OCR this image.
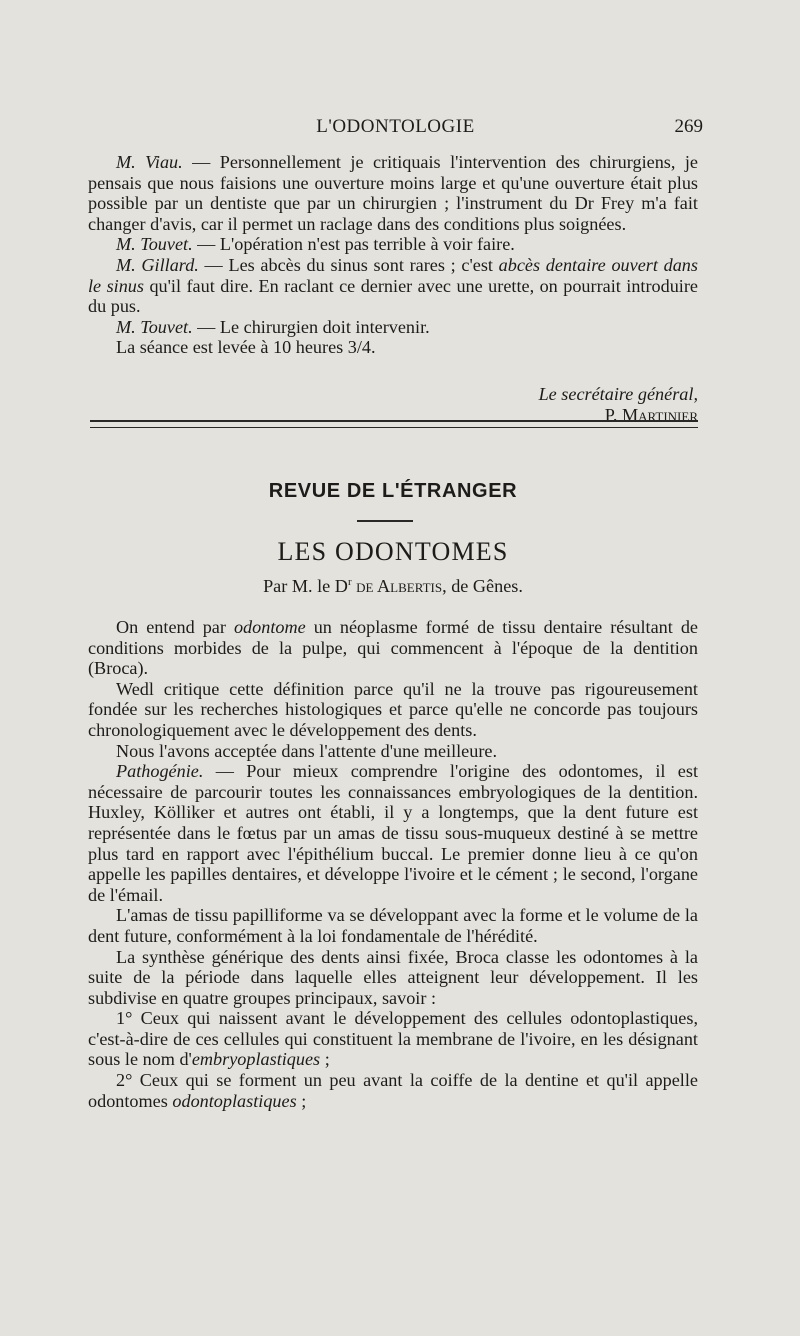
L'ODONTOLOGIE	269

M. Viau. — Personnellement je critiquais l'intervention des chirurgiens, je pensais que nous faisions une ouverture moins large et qu'une ouverture était plus possible par un dentiste que par un chirurgien ; l'instrument du Dr Frey m'a fait changer d'avis, car il permet un raclage dans des conditions plus soignées.

M. Touvet. — L'opération n'est pas terrible à voir faire.

M. Gillard. — Les abcès du sinus sont rares ; c'est abcès dentaire ouvert dans le sinus qu'il faut dire. En raclant ce dernier avec une urette, on pourrait introduire du pus.

M. Touvet. — Le chirurgien doit intervenir.

La séance est levée à 10 heures 3/4.

Le secrétaire général,
P. Martinier
REVUE DE L'ÉTRANGER
LES ODONTOMES
Par M. le $D^r$ de Albertis, de Gênes.

On entend par odontome un néoplasme formé de tissu dentaire résultant de conditions morbides de la pulpe, qui commencent à l'époque de la dentition (Broca).

Wedl critique cette définition parce qu'il ne la trouve pas rigoureusement fondée sur les recherches histologiques et parce qu'elle ne concorde pas toujours chronologiquement avec le développement des dents.

Nous l'avons acceptée dans l'attente d'une meilleure.

Pathogénie. — Pour mieux comprendre l'origine des odontomes, il est nécessaire de parcourir toutes les connaissances embryologiques de la dentition. Huxley, Kölliker et autres ont établi, il y a longtemps, que la dent future est représentée dans le fœtus par un amas de tissu sous-muqueux destiné à se mettre plus tard en rapport avec l'épithélium buccal. Le premier donne lieu à ce qu'on appelle les papilles dentaires, et développe l'ivoire et le cément ; le second, l'organe de l'émail.

L'amas de tissu papilliforme va se développant avec la forme et le volume de la dent future, conformément à la loi fondamentale de l'hérédité.

La synthèse générique des dents ainsi fixée, Broca classe les odontomes à la suite de la période dans laquelle elles atteignent leur développement. Il les subdivise en quatre groupes principaux, savoir :

1° Ceux qui naissent avant le développement des cellules odontoplastiques, c'est-à-dire de ces cellules qui constituent la membrane de l'ivoire, en les désignant sous le nom d'embryoplastiques ;

2° Ceux qui se forment un peu avant la coiffe de la dentine et qu'il appelle odontomes odontoplastiques ;
